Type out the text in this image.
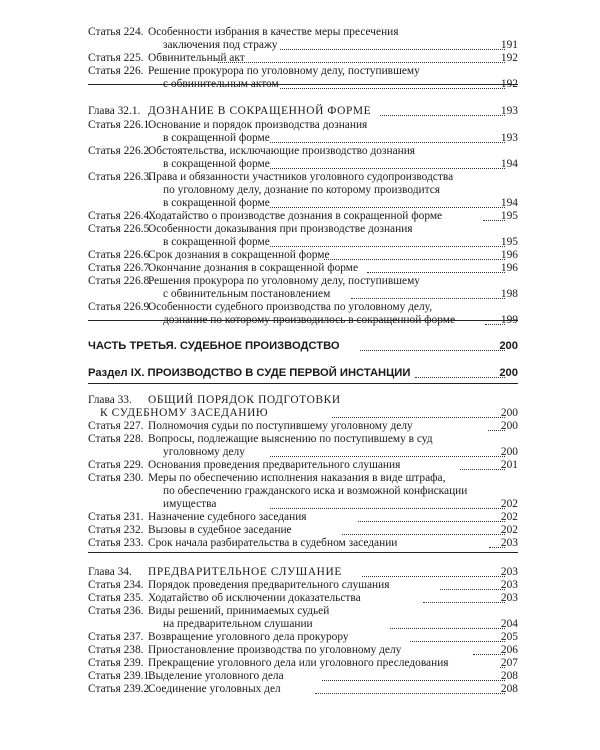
Статья 224. Особенности избрания в качестве меры пресечения
заключения под стражу	191
Статья 225. Обвинительный акт	192
Статья 226. Решение прокурора по уголовному делу, поступившему
с обвинительным актом	192
Глава 32.1. ДОЗНАНИЕ В СОКРАЩЕННОЙ ФОРМЕ	193
Статья 226.1.
Основание и порядок производства дознания
в сокращенной форме	193
Статья 226.2.
Обстоятельства, исключающие производство дознания
в сокращенной форме	194
Статья 226.3.
Права и обязанности участников уголовного судопроизводства
по уголовному делу, дознание по которому производится
в сокращенной форме	194
Статья 226.4.
Ходатайство о производстве дознания в сокращенной форме	195
Статья 226.5.
Особенности доказывания при производстве дознания
в сокращенной форме	195
Статья 226.6.
Срок дознания в сокращенной форме	196
Статья 226.7.
Окончание дознания в сокращенной форме	196
Статья 226.8.
Решения прокурора по уголовному делу, поступившему
с обвинительным постановлением	198
Статья 226.9.
Особенности судебного производства по уголовному делу,
дознание по которому производилось в сокращенной форме	199
ЧАСТЬ ТРЕТЬЯ. СУДЕБНОЕ ПРОИЗВОДСТВО	200
Раздел IX. ПРОИЗВОДСТВО В СУДЕ ПЕРВОЙ ИНСТАНЦИИ	200
Глава 33. ОБЩИЙ ПОРЯДОК ПОДГОТОВКИ
К СУДЕБНОМУ ЗАСЕДАНИЮ	200
Статья 227. Полномочия судьи по поступившему уголовному делу	200
Статья 228. Вопросы, подлежащие выяснению по поступившему в суд
уголовному делу	200
Статья 229. Основания проведения предварительного слушания	201
Статья 230. Меры по обеспечению исполнения наказания в виде штрафа,
по обеспечению гражданского иска и возможной конфискации
имущества	202
Статья 231. Назначение судебного заседания	202
Статья 232. Вызовы в судебное заседание	202
Статья 233. Срок начала разбирательства в судебном заседании	203
Глава 34. ПРЕДВАРИТЕЛЬНОЕ СЛУШАНИЕ	203
Статья 234. Порядок проведения предварительного слушания	203
Статья 235. Ходатайство об исключении доказательства	203
Статья 236. Виды решений, принимаемых судьей
на предварительном слушании	204
Статья 237. Возвращение уголовного дела прокурору	205
Статья 238. Приостановление производства по уголовному делу	206
Статья 239. Прекращение уголовного дела или уголовного преследования	207
Статья 239.1.
Выделение уголовного дела	208
Статья 239.2.
Соединение уголовных дел	208
